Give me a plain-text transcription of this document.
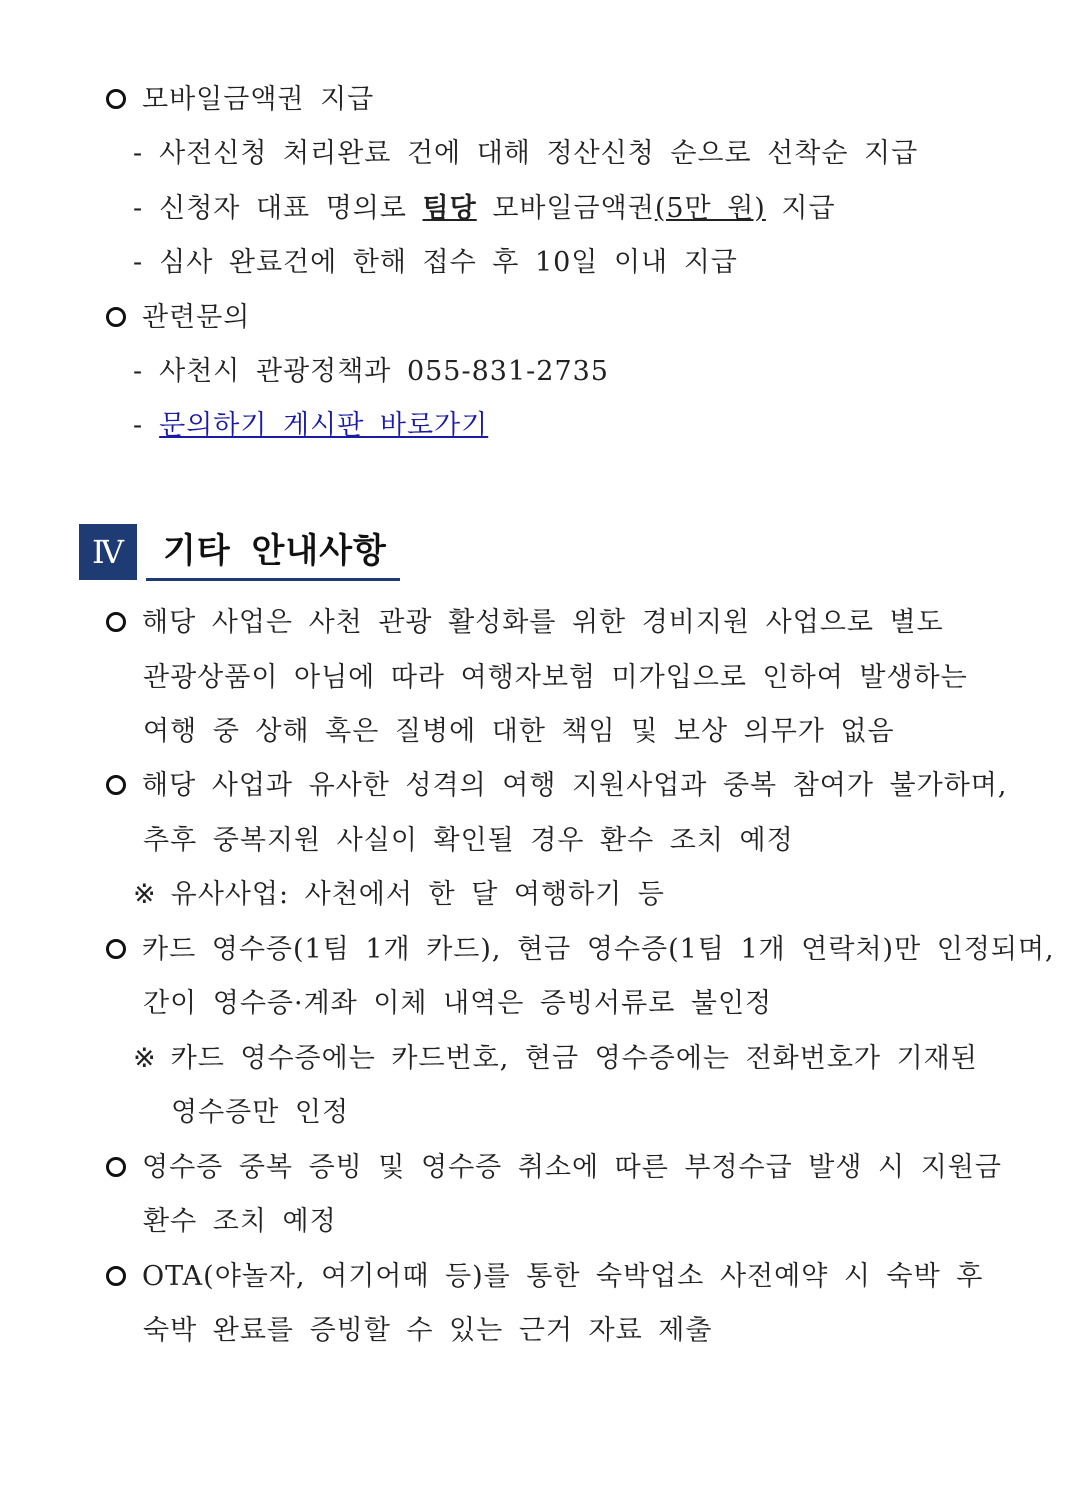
모바일금액권 지급
- 사전신청 처리완료 건에 대해 정산신청 순으로 선착순 지급
- 신청자 대표 명의로 팀당 모바일금액권(5만 원) 지급
- 심사 완료건에 한해 접수 후 10일 이내 지급
관련문의
- 사천시 관광정책과 055-831-2735
- 문의하기 게시판 바로가기
Ⅳ	기타 안내사항
해당 사업은 사천 관광 활성화를 위한 경비지원 사업으로 별도
관광상품이 아님에 따라 여행자보험 미가입으로 인하여 발생하는
여행 중 상해 혹은 질병에 대한 책임 및 보상 의무가 없음
해당 사업과 유사한 성격의 여행 지원사업과 중복 참여가 불가하며,
추후 중복지원 사실이 확인될 경우 환수 조치 예정
※ 유사사업: 사천에서 한 달 여행하기 등
카드 영수증(1팀 1개 카드), 현금 영수증(1팀 1개 연락처)만 인정되며,
간이 영수증·계좌 이체 내역은 증빙서류로 불인정
※ 카드 영수증에는 카드번호, 현금 영수증에는 전화번호가 기재된
영수증만 인정
영수증 중복 증빙 및 영수증 취소에 따른 부정수급 발생 시 지원금
환수 조치 예정
OTA(야놀자, 여기어때 등)를 통한 숙박업소 사전예약 시 숙박 후
숙박 완료를 증빙할 수 있는 근거 자료 제출
